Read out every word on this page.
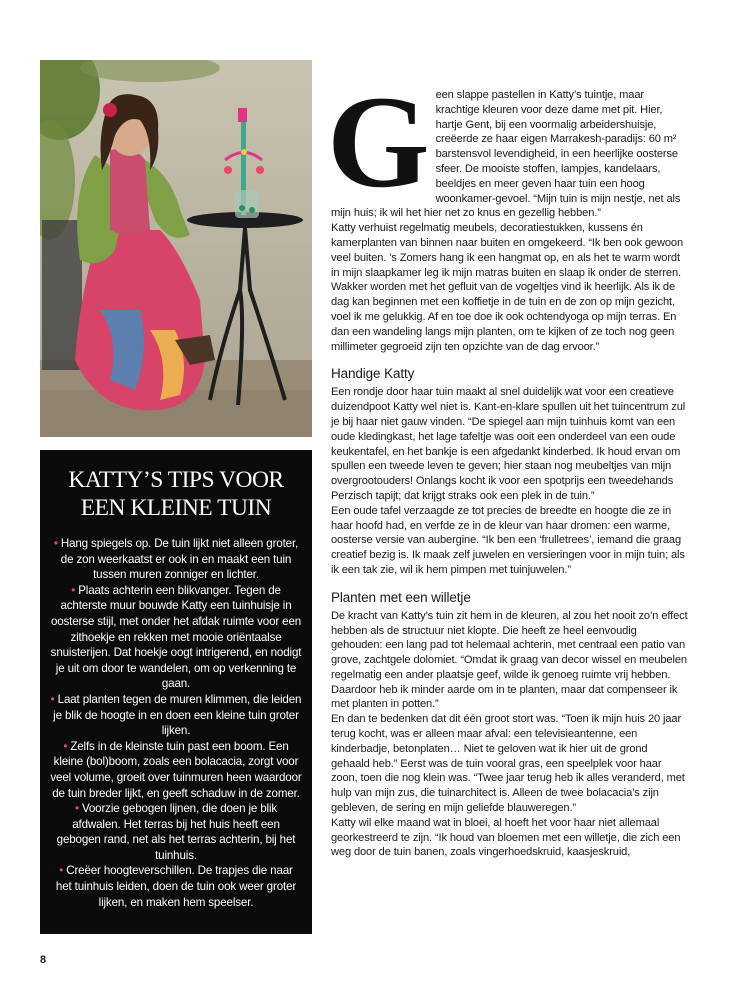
KATTY’S TIPS VOOR
EEN KLEINE TUIN

• Hang spiegels op. De tuin lijkt niet alleen groter, de zon weerkaatst er ook in en maakt een tuin tussen muren zonniger en lichter.

• Plaats achterin een blikvanger. Tegen de achterste muur bouwde Katty een tuinhuisje in oosterse stijl, met onder het afdak ruimte voor een zithoekje en rekken met mooie oriëntaalse snuisterijen. Dat hoekje oogt intrigerend, en nodigt je uit om door te wandelen, om op verkenning te gaan.

• Laat planten tegen de muren klimmen, die leiden je blik de hoogte in en doen een kleine tuin groter lijken.

• Zelfs in de kleinste tuin past een boom. Een kleine (bol)boom, zoals een bolacacia, zorgt voor veel volume, groeit over tuinmuren heen waardoor de tuin breder lijkt, en geeft schaduw in de zomer.

• Voorzie gebogen lijnen, die doen je blik afdwalen. Het terras bij het huis heeft een gebogen rand, net als het terras achterin, bij het tuinhuis.

• Creëer hoogteverschillen. De trapjes die naar het tuinhuis leiden, doen de tuin ook weer groter lijken, en maken hem speelser.

G een slappe pastellen in Katty’s tuintje, maar krachtige kleuren voor deze dame met pit. Hier, hartje Gent, bij een voormalig arbeidershuisje, creëerde ze haar eigen Marrakesh-paradijs: 60 m² barstensvol levendigheid, in een heerlijke oosterse sfeer. De mooiste stoffen, lampjes, kandelaars, beeldjes en meer geven haar tuin een hoog woonkamer-gevoel. “Mijn tuin is mijn nestje, net als mijn huis; ik wil het hier net zo knus en gezellig hebben.”

Katty verhuist regelmatig meubels, decoratiestukken, kussens én kamerplanten van binnen naar buiten en omgekeerd. “Ik ben ook gewoon veel buiten. ’s Zomers hang ik een hangmat op, en als het te warm wordt in mijn slaapkamer leg ik mijn matras buiten en slaap ik onder de sterren. Wakker worden met het gefluit van de vogeltjes vind ik heerlijk. Als ik de dag kan beginnen met een koffietje in de tuin en de zon op mijn gezicht, voel ik me gelukkig. Af en toe doe ik ook ochtendyoga op mijn terras. En dan een wandeling langs mijn planten, om te kijken of ze toch nog geen millimeter gegroeid zijn ten opzichte van de dag ervoor.”

Handige Katty

Een rondje door haar tuin maakt al snel duidelijk wat voor een creatieve duizendpoot Katty wel niet is. Kant-en-klare spullen uit het tuincentrum zul je bij haar niet gauw vinden. “De spiegel aan mijn tuinhuis komt van een oude kledingkast, het lage tafeltje was ooit een onderdeel van een oude keukentafel, en het bankje is een afgedankt kinderbed. Ik houd ervan om spullen een tweede leven te geven; hier staan nog meubeltjes van mijn overgrootouders! Onlangs kocht ik voor een spotprijs een tweedehands Perzisch tapijt; dat krijgt straks ook een plek in de tuin.”

Een oude tafel verzaagde ze tot precies de breedte en hoogte die ze in haar hoofd had, en verfde ze in de kleur van haar dromen: een warme, oosterse versie van aubergine. “Ik ben een ‘frulletrees’, iemand die graag creatief bezig is. Ik maak zelf juwelen en versieringen voor in mijn tuin; als ik een tak zie, wil ik hem pimpen met tuinjuwelen.”

Planten met een willetje

De kracht van Katty’s tuin zit hem in de kleuren, al zou het nooit zo’n effect hebben als de structuur niet klopte. Die heeft ze heel eenvoudig gehouden: een lang pad tot helemaal achterin, met centraal een patio van grove, zachtgele dolomiet. “Omdat ik graag van decor wissel en meubelen regelmatig een ander plaatsje geef, wilde ik genoeg ruimte vrij hebben. Daardoor heb ik minder aarde om in te planten, maar dat compenseer ik met planten in potten.”

En dan te bedenken dat dit één groot stort was. “Toen ik mijn huis 20 jaar terug kocht, was er alleen maar afval: een televisieantenne, een kinderbadje, betonplaten… Niet te geloven wat ik hier uit de grond gehaald heb.” Eerst was de tuin vooral gras, een speelplek voor haar zoon, toen die nog klein was. “Twee jaar terug heb ik alles veranderd, met hulp van mijn zus, die tuinarchitect is. Alleen de twee bolacacia’s zijn gebleven, de sering en mijn geliefde blauweregen.”

Katty wil elke maand wat in bloei, al hoeft het voor haar niet allemaal georkestreerd te zijn. “Ik houd van bloemen met een willetje, die zich een weg door de tuin banen, zoals vingerhoedskruid, kaasjeskruid,

8
